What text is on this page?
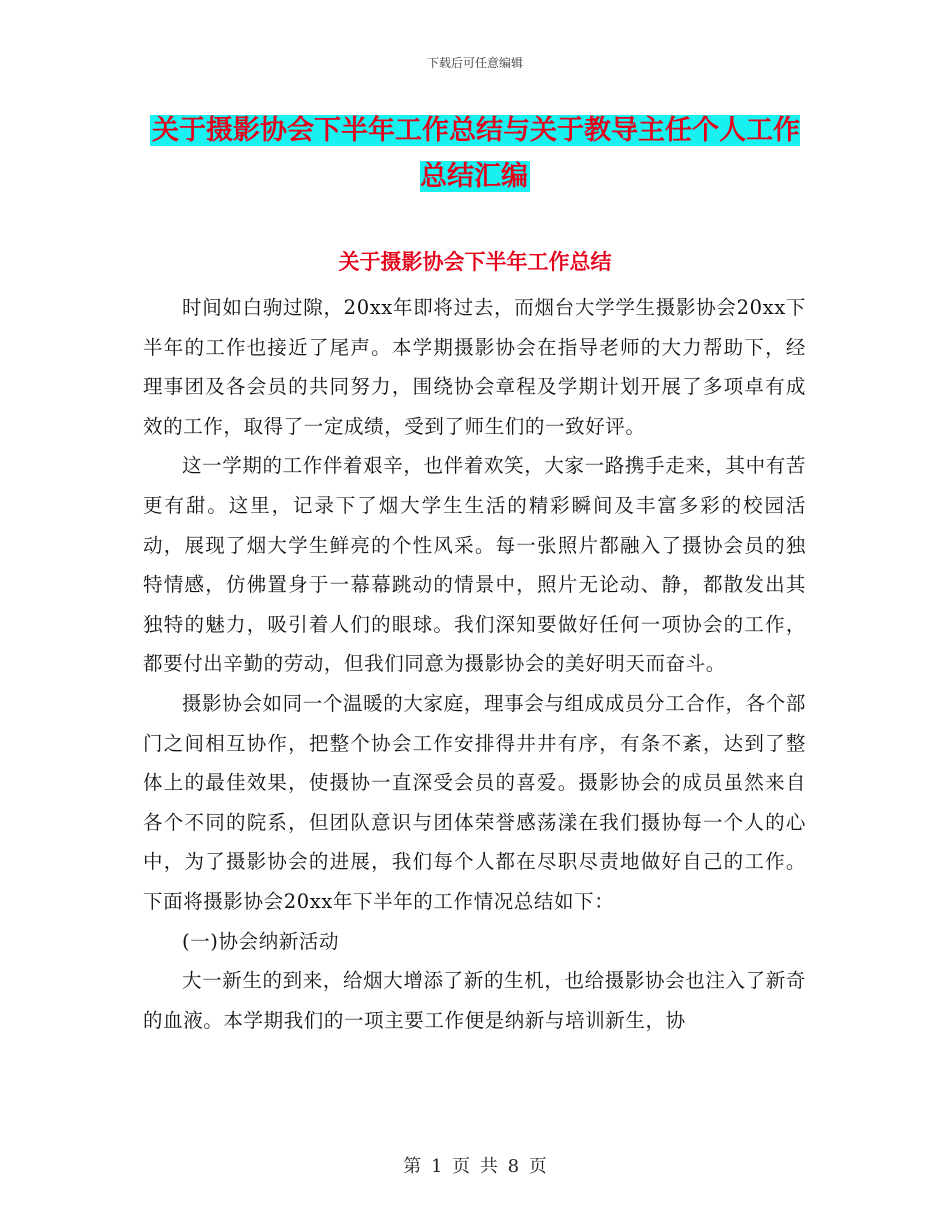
下载后可任意编辑
关于摄影协会下半年工作总结与关于教导主任个人工作总结汇编
关于摄影协会下半年工作总结

时间如白驹过隙，20xx年即将过去，而烟台大学学生摄影协会20xx下半年的工作也接近了尾声。本学期摄影协会在指导老师的大力帮助下，经理事团及各会员的共同努力，围绕协会章程及学期计划开展了多项卓有成效的工作，取得了一定成绩，受到了师生们的一致好评。

这一学期的工作伴着艰辛，也伴着欢笑，大家一路携手走来，其中有苦更有甜。这里，记录下了烟大学生生活的精彩瞬间及丰富多彩的校园活动，展现了烟大学生鲜亮的个性风采。每一张照片都融入了摄协会员的独特情感，仿佛置身于一幕幕跳动的情景中，照片无论动、静，都散发出其独特的魅力，吸引着人们的眼球。我们深知要做好任何一项协会的工作，都要付出辛勤的劳动，但我们同意为摄影协会的美好明天而奋斗。

摄影协会如同一个温暖的大家庭，理事会与组成成员分工合作，各个部门之间相互协作，把整个协会工作安排得井井有序，有条不紊，达到了整体上的最佳效果，使摄协一直深受会员的喜爱。摄影协会的成员虽然来自各个不同的院系，但团队意识与团体荣誉感荡漾在我们摄协每一个人的心中，为了摄影协会的进展，我们每个人都在尽职尽责地做好自己的工作。下面将摄影协会20xx年下半年的工作情况总结如下：

(一)协会纳新活动

大一新生的到来，给烟大增添了新的生机，也给摄影协会也注入了新奇的血液。本学期我们的一项主要工作便是纳新与培训新生，协

第 1 页 共 8 页
